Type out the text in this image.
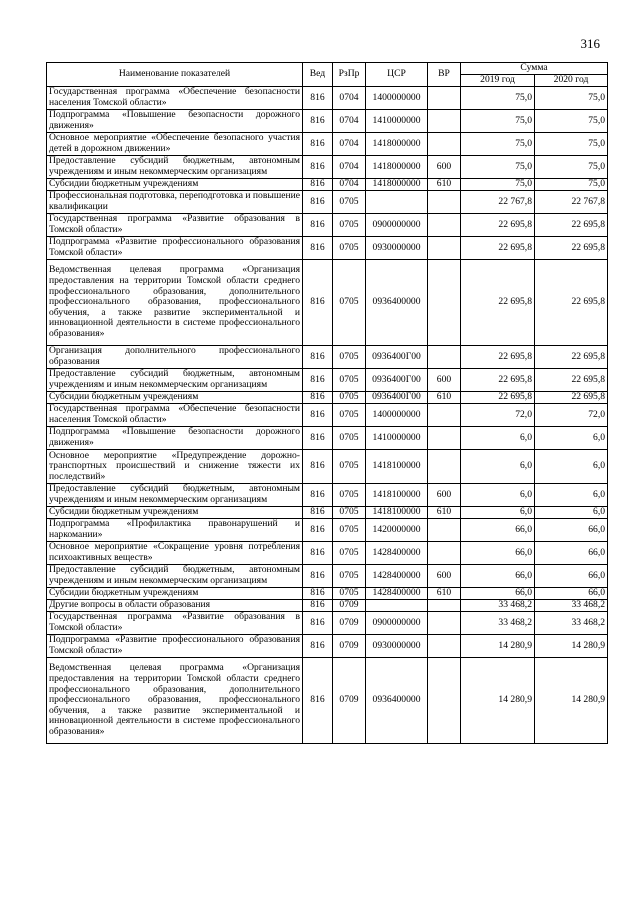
316
Наименование показателей	Вед	РзПр	ЦСР	ВР	Сумма	
					2019 год	2020 год
Государственная программа «Обеспечение безопасности населения Томской области»	816	0704	1400000000		75,0	75,0
Подпрограмма «Повышение безопасности дорожного движения»	816	0704	1410000000		75,0	75,0
Основное мероприятие «Обеспечение безопасного участия детей в дорожном движении»	816	0704	1418000000		75,0	75,0
Предоставление субсидий бюджетным, автономным учреждениям и иным некоммерческим организациям	816	0704	1418000000	600	75,0	75,0
Субсидии бюджетным учреждениям	816	0704	1418000000	610	75,0	75,0
Профессиональная подготовка, переподготовка и повышение квалификации	816	0705			22 767,8	22 767,8
Государственная программа «Развитие образования в Томской области»	816	0705	0900000000		22 695,8	22 695,8
Подпрограмма «Развитие профессионального образования Томской области»	816	0705	0930000000		22 695,8	22 695,8
Ведомственная целевая программа «Организация предоставления на территории Томской области среднего профессионального образования, дополнительного профессионального образования, профессионального обучения, а также развитие экспериментальной и инновационной деятельности в системе профессионального образования»	816	0705	0936400000		22 695,8	22 695,8
Организация дополнительного профессионального образования	816	0705	0936400Г00		22 695,8	22 695,8
Предоставление субсидий бюджетным, автономным учреждениям и иным некоммерческим организациям	816	0705	0936400Г00	600	22 695,8	22 695,8
Субсидии бюджетным учреждениям	816	0705	0936400Г00	610	22 695,8	22 695,8
Государственная программа «Обеспечение безопасности населения Томской области»	816	0705	1400000000		72,0	72,0
Подпрограмма «Повышение безопасности дорожного движения»	816	0705	1410000000		6,0	6,0
Основное мероприятие «Предупреждение дорожно-транспортных происшествий и снижение тяжести их последствий»	816	0705	1418100000		6,0	6,0
Предоставление субсидий бюджетным, автономным учреждениям и иным некоммерческим организациям	816	0705	1418100000	600	6,0	6,0
Субсидии бюджетным учреждениям	816	0705	1418100000	610	6,0	6,0
Подпрограмма «Профилактика правонарушений и наркомании»	816	0705	1420000000		66,0	66,0
Основное мероприятие «Сокращение уровня потребления психоактивных веществ»	816	0705	1428400000		66,0	66,0
Предоставление субсидий бюджетным, автономным учреждениям и иным некоммерческим организациям	816	0705	1428400000	600	66,0	66,0
Субсидии бюджетным учреждениям	816	0705	1428400000	610	66,0	66,0
Другие вопросы в области образования	816	0709			33 468,2	33 468,2
Государственная программа «Развитие образования в Томской области»	816	0709	0900000000		33 468,2	33 468,2
Подпрограмма «Развитие профессионального образования Томской области»	816	0709	0930000000		14 280,9	14 280,9
Ведомственная целевая программа «Организация предоставления на территории Томской области среднего профессионального образования, дополнительного профессионального образования, профессионального обучения, а также развитие экспериментальной и инновационной деятельности в системе профессионального образования»	816	0709	0936400000		14 280,9	14 280,9
